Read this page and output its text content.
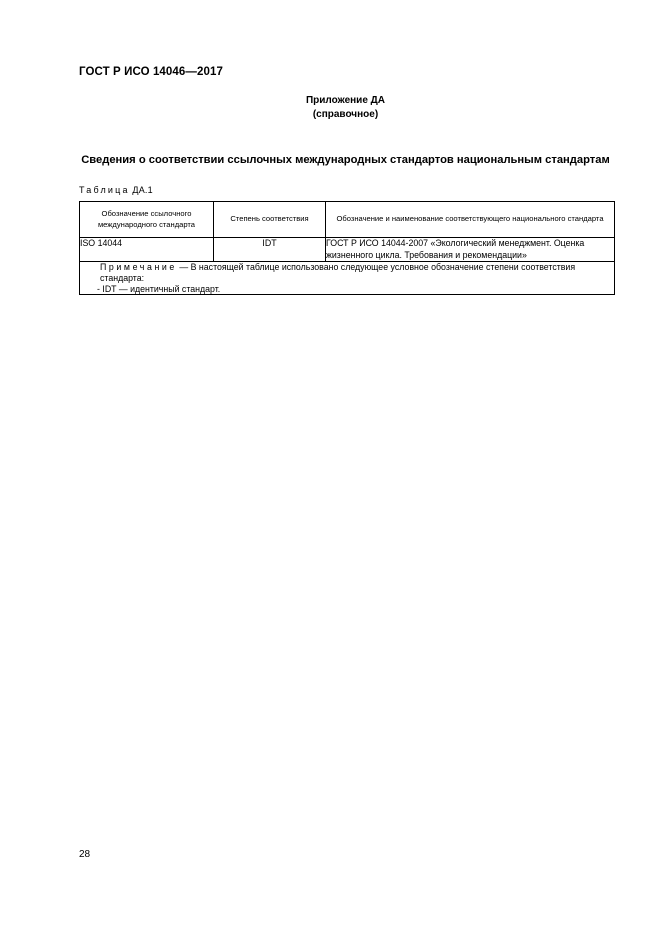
ГОСТ Р ИСО 14046—2017
Приложение ДА
(справочное)
Сведения о соответствии ссылочных международных стандартов национальным стандартам
Таблица ДА.1
Обозначение ссылочного международного стандарта	Степень соответствия	Обозначение и наименование соответствующего национального стандарта
ISO 14044	IDT	ГОСТ Р ИСО 14044-2007 «Экологический менеджмент. Оценка жизненного цикла. Требования и рекомендации»

Примечание — В настоящей таблице использовано следующее условное обозначение степени соответствия стандарта:
- IDT — идентичный стандарт.		
28
